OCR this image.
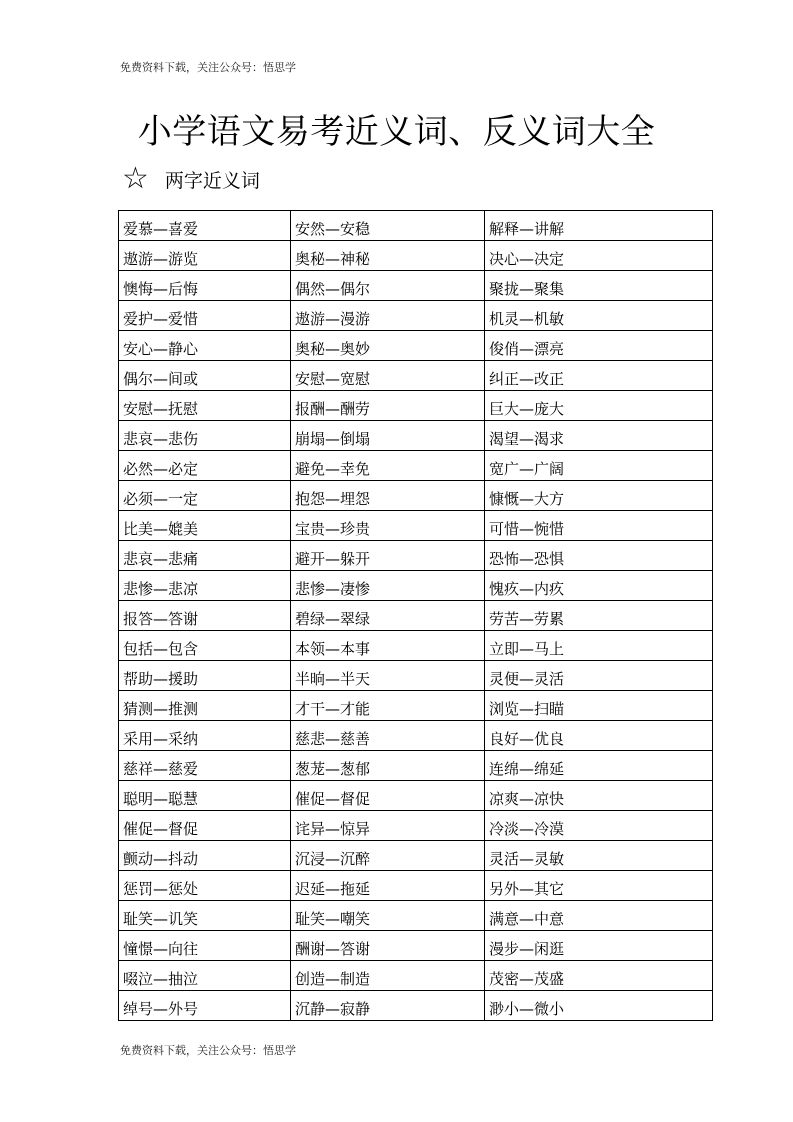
免费资料下载，关注公众号：悟思学
小学语文易考近义词、反义词大全
☆ 两字近义词
爱慕—喜爱	安然—安稳	解释—讲解
遨游—游览	奥秘—神秘	决心—决定
懊悔—后悔	偶然—偶尔	聚拢—聚集
爱护—爱惜	遨游—漫游	机灵—机敏
安心—静心	奥秘—奥妙	俊俏—漂亮
偶尔—间或	安慰—宽慰	纠正—改正
安慰—抚慰	报酬—酬劳	巨大—庞大
悲哀—悲伤	崩塌—倒塌	渴望—渴求
必然—必定	避免—幸免	宽广—广阔
必须—一定	抱怨—埋怨	慷慨—大方
比美—媲美	宝贵—珍贵	可惜—惋惜
悲哀—悲痛	避开—躲开	恐怖—恐惧
悲惨—悲凉	悲惨—凄惨	愧疚—内疚
报答—答谢	碧绿—翠绿	劳苦—劳累
包括—包含	本领—本事	立即—马上
帮助—援助	半晌—半天	灵便—灵活
猜测—推测	才干—才能	浏览—扫瞄
采用—采纳	慈悲—慈善	良好—优良
慈祥—慈爱	葱茏—葱郁	连绵—绵延
聪明—聪慧	催促—督促	凉爽—凉快
催促—督促	诧异—惊异	冷淡—冷漠
颤动—抖动	沉浸—沉醉	灵活—灵敏
惩罚—惩处	迟延—拖延	另外—其它
耻笑—讥笑	耻笑—嘲笑	满意—中意
憧憬—向往	酬谢—答谢	漫步—闲逛
啜泣—抽泣	创造—制造	茂密—茂盛
绰号—外号	沉静—寂静	渺小—微小
免费资料下载，关注公众号：悟思学
